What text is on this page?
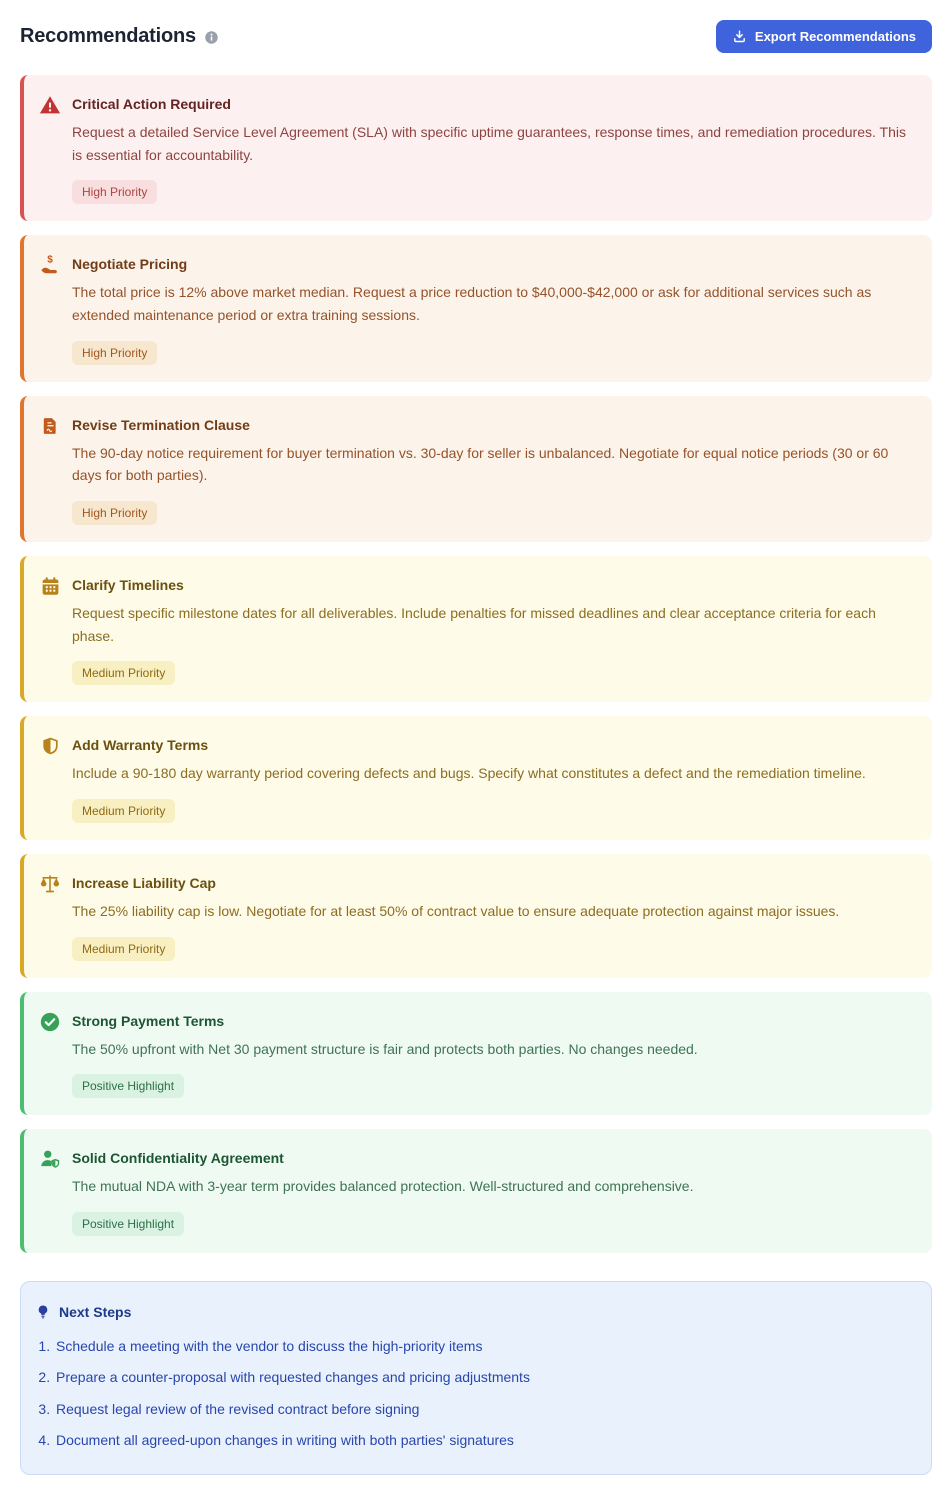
Recommendations	Export Recommendations
Critical Action Required

Request a detailed Service Level Agreement (SLA) with specific uptime guarantees, response times, and remediation procedures. This is essential for accountability.

High Priority
$ Negotiate Pricing

The total price is 12% above market median. Request a price reduction to $40,000-$42,000 or ask for additional services such as extended maintenance period or extra training sessions.

High Priority
Revise Termination Clause

The 90-day notice requirement for buyer termination vs. 30-day for seller is unbalanced. Negotiate for equal notice periods (30 or 60 days for both parties).

High Priority
Clarify Timelines

Request specific milestone dates for all deliverables. Include penalties for missed deadlines and clear acceptance criteria for each phase.

Medium Priority
Add Warranty Terms

Include a 90-180 day warranty period covering defects and bugs. Specify what constitutes a defect and the remediation timeline.

Medium Priority
Increase Liability Cap

The 25% liability cap is low. Negotiate for at least 50% of contract value to ensure adequate protection against major issues.

Medium Priority
Strong Payment Terms

The 50% upfront with Net 30 payment structure is fair and protects both parties. No changes needed.

Positive Highlight
Solid Confidentiality Agreement

The mutual NDA with 3-year term provides balanced protection. Well-structured and comprehensive.

Positive Highlight
Next Steps
1. Schedule a meeting with the vendor to discuss the high-priority items
2. Prepare a counter-proposal with requested changes and pricing adjustments
3. Request legal review of the revised contract before signing
4. Document all agreed-upon changes in writing with both parties' signatures
